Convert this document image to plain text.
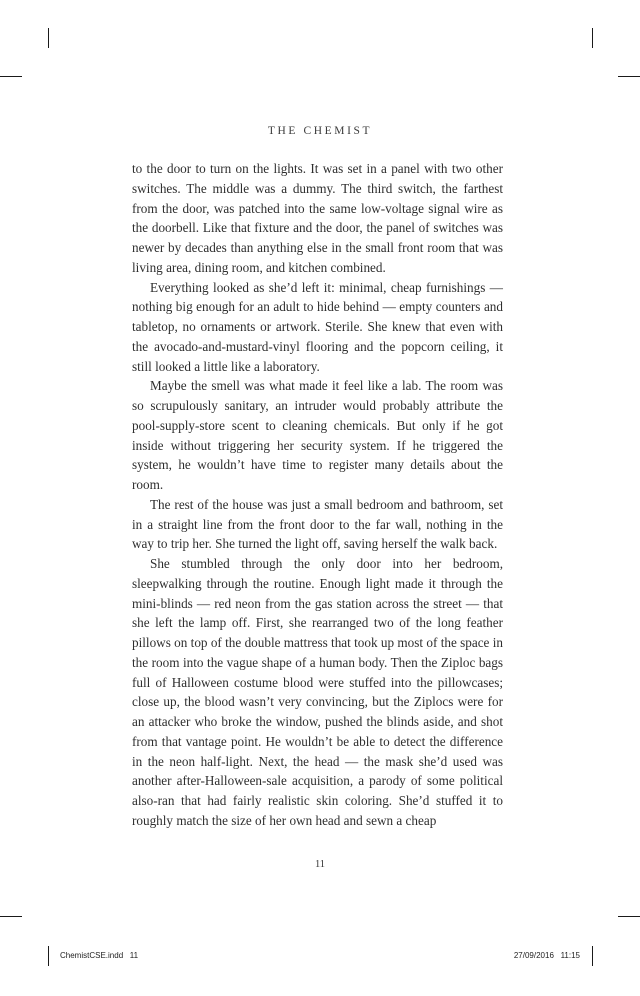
THE CHEMIST

to the door to turn on the lights. It was set in a panel with two other switches. The middle was a dummy. The third switch, the farthest from the door, was patched into the same low-voltage signal wire as the doorbell. Like that fixture and the door, the panel of switches was newer by decades than anything else in the small front room that was living area, dining room, and kitchen combined.

Everything looked as she’d left it: minimal, cheap furnishings — nothing big enough for an adult to hide behind — empty counters and tabletop, no ornaments or artwork. Sterile. She knew that even with the avocado-and-mustard-vinyl flooring and the popcorn ceiling, it still looked a little like a laboratory.

Maybe the smell was what made it feel like a lab. The room was so scrupulously sanitary, an intruder would probably attribute the pool-supply-store scent to cleaning chemicals. But only if he got inside without triggering her security system. If he triggered the system, he wouldn’t have time to register many details about the room.

The rest of the house was just a small bedroom and bathroom, set in a straight line from the front door to the far wall, nothing in the way to trip her. She turned the light off, saving herself the walk back.

She stumbled through the only door into her bedroom, sleepwalking through the routine. Enough light made it through the mini-blinds — red neon from the gas station across the street — that she left the lamp off. First, she rearranged two of the long feather pillows on top of the double mattress that took up most of the space in the room into the vague shape of a human body. Then the Ziploc bags full of Halloween costume blood were stuffed into the pillowcases; close up, the blood wasn’t very convincing, but the Ziplocs were for an attacker who broke the window, pushed the blinds aside, and shot from that vantage point. He wouldn’t be able to detect the difference in the neon half-light. Next, the head — the mask she’d used was another after-Halloween-sale acquisition, a parody of some political also-ran that had fairly realistic skin coloring. She’d stuffed it to roughly match the size of her own head and sewn a cheap

11
ChemistCSE.indd   11	27/09/2016   11:15
